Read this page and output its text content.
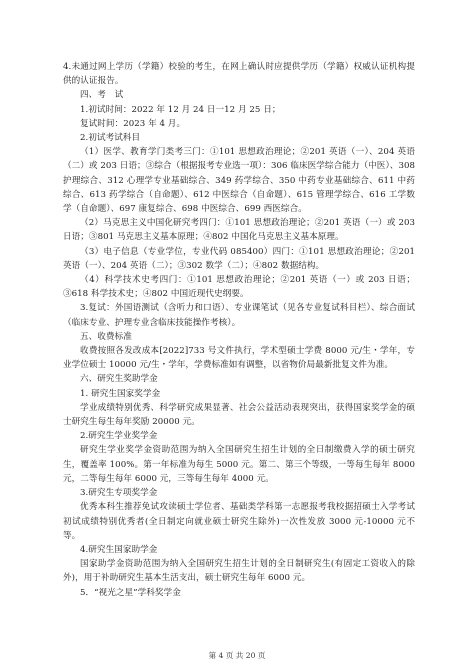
4.未通过网上学历（学籍）校验的考生，在网上确认时应提供学历（学籍）权威认证机构提供的认证报告。

四、考　试

1.初试时间：2022 年 12 月 24 日一12 月 25 日；

复试时间：2023 年 4 月。

2.初试考试科目

（1）医学、教育学门类考三门：①101 思想政治理论；②201 英语（一）、204 英语（二）或 203 日语；③综合（根据报考专业选一项）：306 临床医学综合能力（中医）、308 护理综合、312 心理学专业基础综合、349 药学综合、350 中药专业基础综合、611 中药综合、613 药学综合（自命题）、612 中医综合（自命题）、615 管理学综合、616 工学数学（自命题）、697 康复综合、698 中医综合、699 西医综合。

（2）马克思主义中国化研究考四门：①101 思想政治理论；②201 英语（一）或 203 日语；③801 马克思主义基本原理；④802 中国化马克思主义基本原理。

（3）电子信息（专业学位，专业代码 085400）四门：①101 思想政治理论；②201 英语（一）、204 英语（二）；③302 数学（二）；④802 数据结构。

（4）科学技术史考四门：①101 思想政治理论；②201 英语（一）或 203 日语；③618 科学技术史；④802 中国近现代史纲要。

3.复试：外国语测试（含听力和口语）、专业课笔试（见各专业复试科目栏）、综合面试（临床专业、护理专业含临床技能操作考核）。

五、收费标准

收费按照各发改成本[2022]733 号文件执行，学术型硕士学费 8000 元/生・学年，专业学位硕士 10000 元/生・学年，学费标准如有调整，以省物价局最新批复文件为准。

六、研究生奖助学金

1. 研究生国家奖学金

学业成绩特别优秀、科学研究成果显著、社会公益活动表现突出，获得国家奖学金的硕士研究生每生每年奖励 20000 元。

2.研究生学业奖学金

研究生学业奖学金资助范围为纳入全国研究生招生计划的全日制缴费入学的硕士研究生，覆盖率 100%。第一年标准为每生 5000 元。第二、第三个等级，一等每生每年 8000 元，二等每生每年 6000 元，三等每生每年 4000 元。

3.研究生专项奖学金

优秀本科生推荐免试攻读硕士学位者、基础类学科第一志愿报考我校据招硕士入学考试初试成绩特别优秀者(全日制定向就业硕士研究生除外)一次性发放 3000 元-10000 元不等。

4.研究生国家助学金

国家助学金资助范围为纳入全国研究生招生计划的全日制研究生(有固定工资收入的除外)，用于补助研究生基本生活支出，硕士研究生每年 6000 元。

5．“视光之星”学科奖学金

第 4 页 共 20 页
